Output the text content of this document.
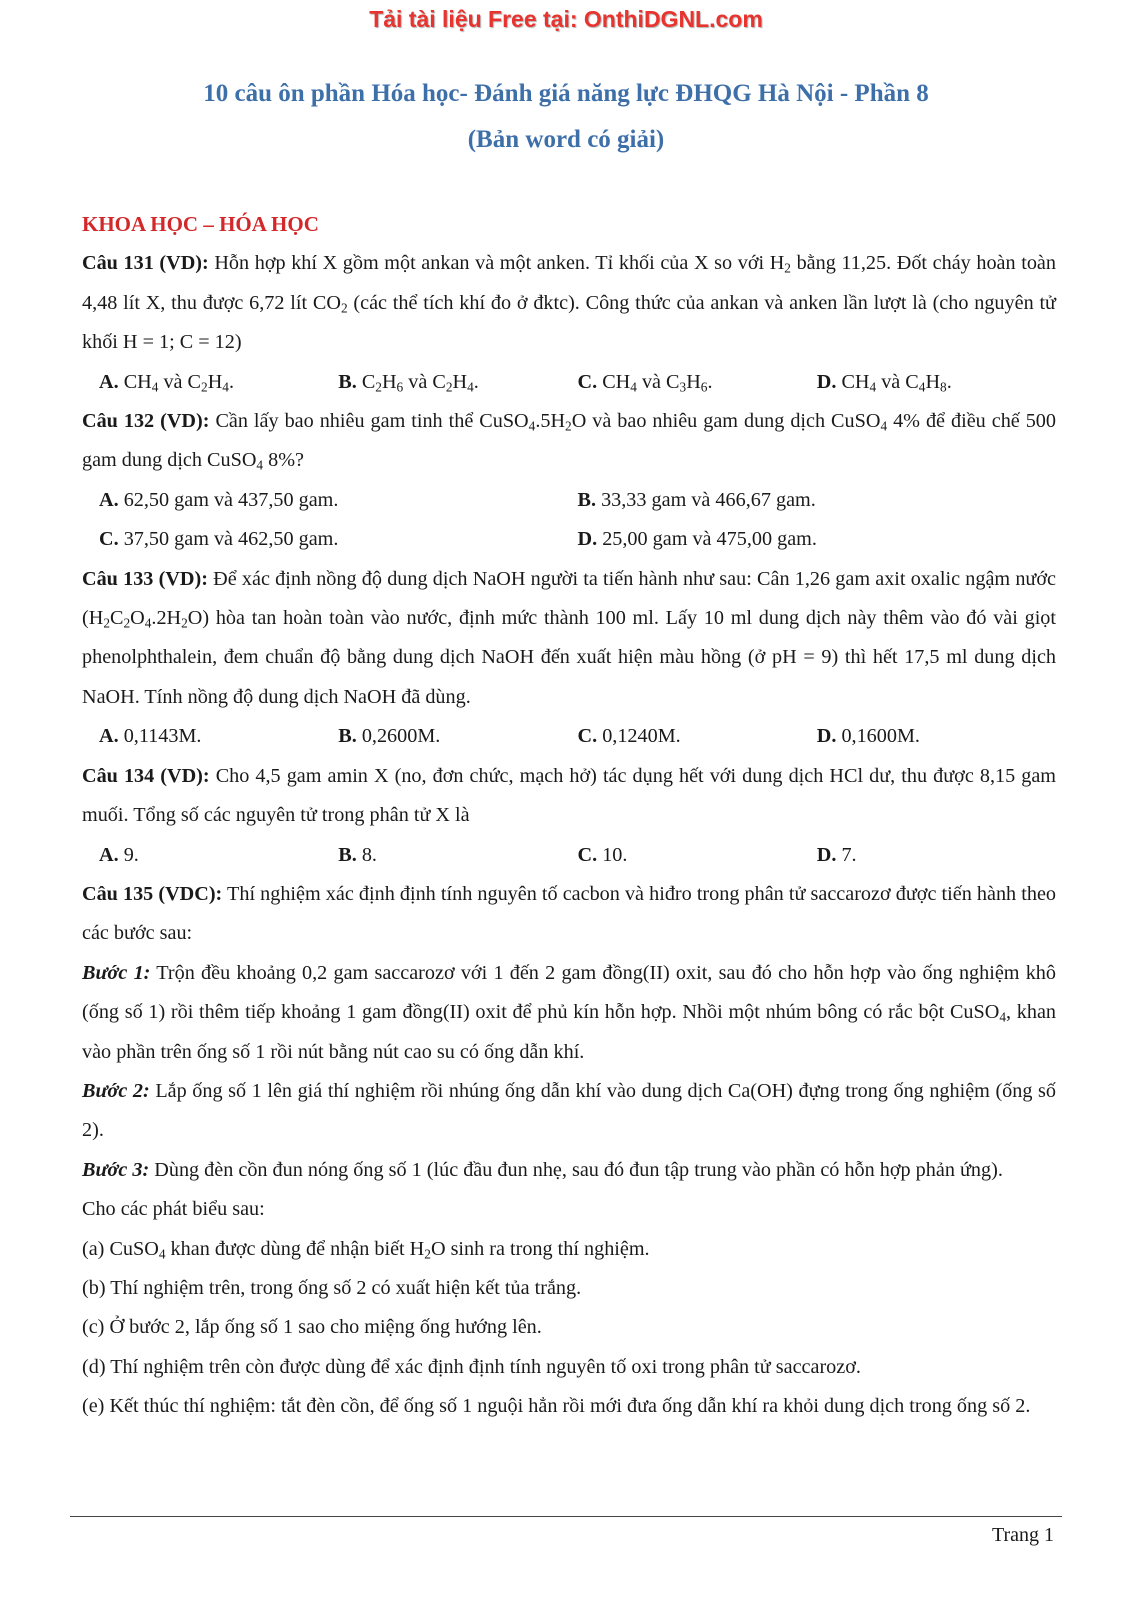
Tải tài liệu Free tại: OnthiDGNL.com
10 câu ôn phần Hóa học- Đánh giá năng lực ĐHQG Hà Nội - Phần 8
(Bản word có giải)

KHOA HỌC – HÓA HỌC

Câu 131 (VD): Hỗn hợp khí X gồm một ankan và một anken. Tỉ khối của X so với $H_2$ bằng 11,25. Đốt cháy hoàn toàn 4,48 lít X, thu được 6,72 lít $CO_2$ (các thể tích khí đo ở đktc). Công thức của ankan và anken lần lượt là (cho nguyên tử khối H = 1; C = 12)

A. $CH_4$ và $C_2H_4$.	B. $C_2H_6$ và $C_2H_4$.	C. $CH_4$ và $C_3H_6$.	D. $CH_4$ và $C_4H_8$.

Câu 132 (VD): Cần lấy bao nhiêu gam tinh thể $CuSO_4.5H_2O$ và bao nhiêu gam dung dịch CuSO$_4$ 4% để điều chế 500 gam dung dịch CuSO$_4$ 8%?

A. 62,50 gam và 437,50 gam.	B. 33,33 gam và 466,67 gam.
C. 37,50 gam và 462,50 gam.	D. 25,00 gam và 475,00 gam.

Câu 133 (VD): Để xác định nồng độ dung dịch NaOH người ta tiến hành như sau: Cân 1,26 gam axit oxalic ngậm nước $(H_2C_2O_4.2H_2O)$ hòa tan hoàn toàn vào nước, định mức thành 100 ml. Lấy 10 ml dung dịch này thêm vào đó vài giọt phenolphthalein, đem chuẩn độ bằng dung dịch NaOH đến xuất hiện màu hồng (ở pH = 9) thì hết 17,5 ml dung dịch NaOH. Tính nồng độ dung dịch NaOH đã dùng.

A. 0,1143M.	B. 0,2600M.	C. 0,1240M.	D. 0,1600M.

Câu 134 (VD): Cho 4,5 gam amin X (no, đơn chức, mạch hở) tác dụng hết với dung dịch HCl dư, thu được 8,15 gam muối. Tổng số các nguyên tử trong phân tử X là

A. 9.	B. 8.	C. 10.	D. 7.

Câu 135 (VDC): Thí nghiệm xác định định tính nguyên tố cacbon và hiđro trong phân tử saccarozơ được tiến hành theo các bước sau:

Bước 1: Trộn đều khoảng 0,2 gam saccarozơ với 1 đến 2 gam đồng(II) oxit, sau đó cho hỗn hợp vào ống nghiệm khô (ống số 1) rồi thêm tiếp khoảng 1 gam đồng(II) oxit để phủ kín hỗn hợp. Nhồi một nhúm bông có rắc bột CuSO$_4$, khan vào phần trên ống số 1 rồi nút bằng nút cao su có ống dẫn khí.

Bước 2: Lắp ống số 1 lên giá thí nghiệm rồi nhúng ống dẫn khí vào dung dịch Ca(OH) đựng trong ống nghiệm (ống số 2).

Bước 3: Dùng đèn cồn đun nóng ống số 1 (lúc đầu đun nhẹ, sau đó đun tập trung vào phần có hỗn hợp phản ứng).

Cho các phát biểu sau:

(a) CuSO$_4$ khan được dùng để nhận biết $H_2O$ sinh ra trong thí nghiệm.

(b) Thí nghiệm trên, trong ống số 2 có xuất hiện kết tủa trắng.

(c) Ở bước 2, lắp ống số 1 sao cho miệng ống hướng lên.

(d) Thí nghiệm trên còn được dùng để xác định định tính nguyên tố oxi trong phân tử saccarozơ.

(e) Kết thúc thí nghiệm: tắt đèn cồn, để ống số 1 nguội hẳn rồi mới đưa ống dẫn khí ra khỏi dung dịch trong ống số 2.

Trang 1
